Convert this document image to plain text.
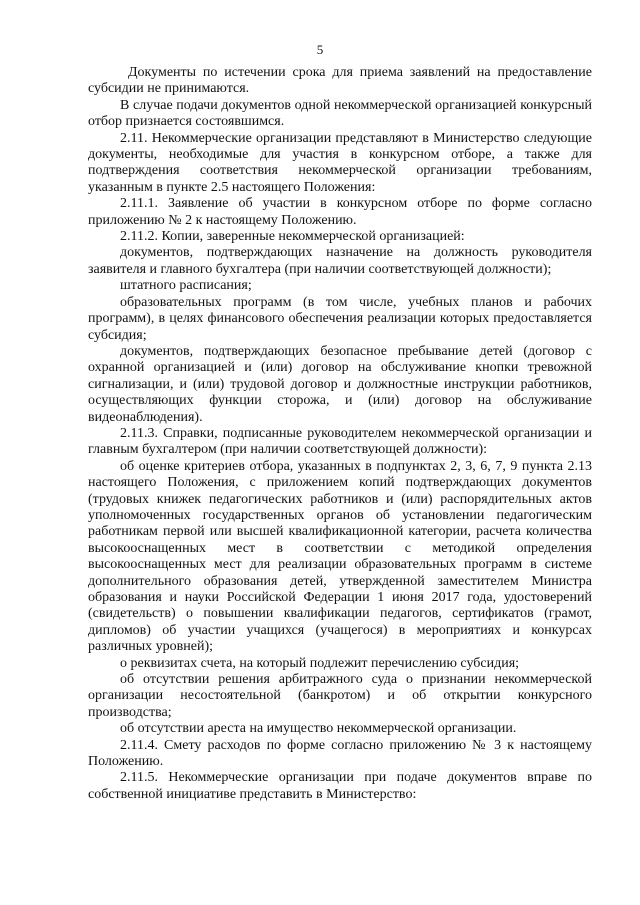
5

Документы по истечении срока для приема заявлений на предоставление субсидии не принимаются.

В случае подачи документов одной некоммерческой организацией конкурсный отбор признается состоявшимся.

2.11. Некоммерческие организации представляют в Министерство следующие документы, необходимые для участия в конкурсном отборе, а также для подтверждения соответствия некоммерческой организации требованиям, указанным в пункте 2.5 настоящего Положения:

2.11.1. Заявление об участии в конкурсном отборе по форме согласно приложению № 2 к настоящему Положению.

2.11.2. Копии, заверенные некоммерческой организацией:

документов, подтверждающих назначение на должность руководителя заявителя и главного бухгалтера (при наличии соответствующей должности);

штатного расписания;

образовательных программ (в том числе, учебных планов и рабочих программ), в целях финансового обеспечения реализации которых предоставляется субсидия;

документов, подтверждающих безопасное пребывание детей (договор с охранной организацией и (или) договор на обслуживание кнопки тревожной сигнализации, и (или) трудовой договор и должностные инструкции работников, осуществляющих функции сторожа, и (или) договор на обслуживание видеонаблюдения).

2.11.3. Справки, подписанные руководителем некоммерческой организации и главным бухгалтером (при наличии соответствующей должности):

об оценке критериев отбора, указанных в подпунктах 2, 3, 6, 7, 9 пункта 2.13 настоящего Положения, с приложением копий подтверждающих документов (трудовых книжек педагогических работников и (или) распорядительных актов уполномоченных государственных органов об установлении педагогическим работникам первой или высшей квалификационной категории, расчета количества высокооснащенных мест в соответствии с методикой определения высокооснащенных мест для реализации образовательных программ в системе дополнительного образования детей, утвержденной заместителем Министра образования и науки Российской Федерации 1 июня 2017 года, удостоверений (свидетельств) о повышении квалификации педагогов, сертификатов (грамот, дипломов) об участии учащихся (учащегося) в мероприятиях и конкурсах различных уровней);

о реквизитах счета, на который подлежит перечислению субсидия;

об отсутствии решения арбитражного суда о признании некоммерческой организации несостоятельной (банкротом) и об открытии конкурсного производства;

об отсутствии ареста на имущество некоммерческой организации.

2.11.4. Смету расходов по форме согласно приложению № 3 к настоящему Положению.

2.11.5. Некоммерческие организации при подаче документов вправе по собственной инициативе представить в Министерство:
